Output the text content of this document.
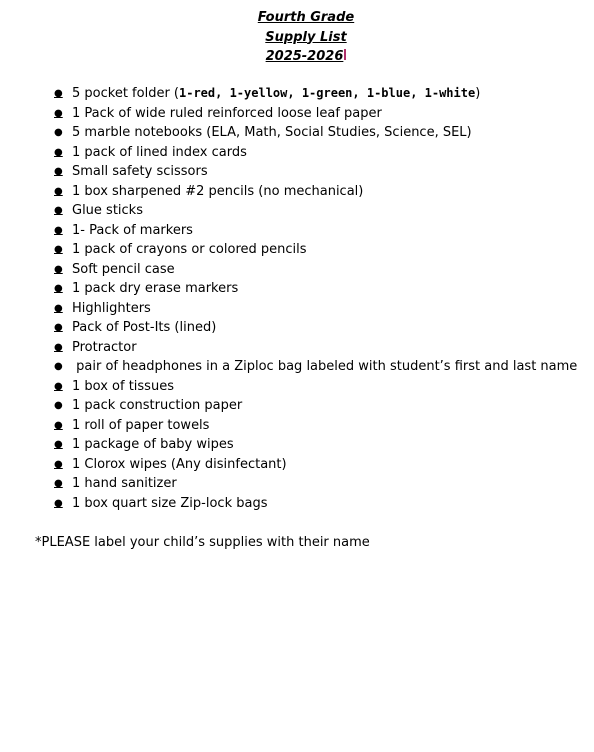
Fourth Grade
Supply List
2025-2026
● 5 pocket folder (1-red, 1-yellow, 1-green, 1-blue, 1-white)
● 1 Pack of wide ruled reinforced loose leaf paper
● 5 marble notebooks (ELA, Math, Social Studies, Science, SEL)
● 1 pack of lined index cards
● Small safety scissors
● 1 box sharpened #2 pencils (no mechanical)
● Glue sticks
● 1- Pack of markers
● 1 pack of crayons or colored pencils
● Soft pencil case
● 1 pack dry erase markers
● Highlighters
● Pack of Post-Its (lined)
● Protractor
● pair of headphones in a Ziploc bag labeled with student’s first and last name
● 1 box of tissues
● 1 pack construction paper
● 1 roll of paper towels
● 1 package of baby wipes
● 1 Clorox wipes (Any disinfectant)
● 1 hand sanitizer
● 1 box quart size Zip-lock bags
*PLEASE label your child’s supplies with their name
